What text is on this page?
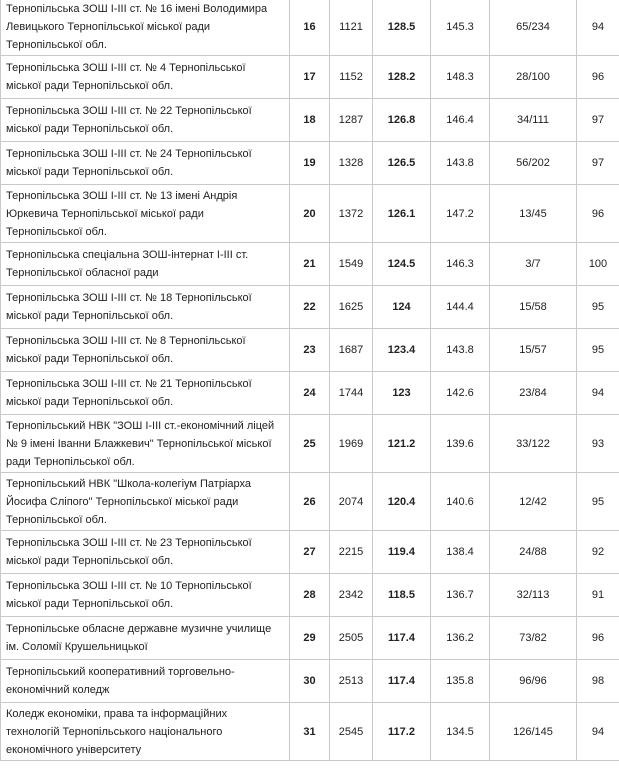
Тернопільська ЗОШ І-ІІІ ст. № 16 імені Володимира Левицького Тернопільської міської ради Тернопільської обл.	16	1121	128.5	145.3	65/234	94
Тернопільська ЗОШ І-ІІІ ст. № 4 Тернопільської міської ради Тернопільської обл.	17	1152	128.2	148.3	28/100	96
Тернопільська ЗОШ І-ІІІ ст. № 22 Тернопільської міської ради Тернопільської обл.	18	1287	126.8	146.4	34/111	97
Тернопільська ЗОШ І-ІІІ ст. № 24 Тернопільської міської ради Тернопільської обл.	19	1328	126.5	143.8	56/202	97
Тернопільська ЗОШ І-ІІІ ст. № 13 імені Андрія Юркевича Тернопільської міської ради Тернопільської обл.	20	1372	126.1	147.2	13/45	96
Тернопільська спеціальна ЗОШ-інтернат І-ІІІ ст. Тернопільської обласної ради	21	1549	124.5	146.3	3/7	100
Тернопільська ЗОШ І-ІІІ ст. № 18 Тернопільської міської ради Тернопільської обл.	22	1625	124	144.4	15/58	95
Тернопільська ЗОШ І-ІІІ ст. № 8 Тернопільської міської ради Тернопільської обл.	23	1687	123.4	143.8	15/57	95
Тернопільська ЗОШ І-ІІІ ст. № 21 Тернопільської міської ради Тернопільської обл.	24	1744	123	142.6	23/84	94
Тернопільський НВК "ЗОШ І-ІІІ ст.-економічний ліцей № 9 імені Іванни Блажкевич" Тернопільської міської ради Тернопільської обл.	25	1969	121.2	139.6	33/122	93
Тернопільський НВК "Школа-колегіум Патріарха Йосифа Сліпого" Тернопільської міської ради Тернопільської обл.	26	2074	120.4	140.6	12/42	95
Тернопільська ЗОШ І-ІІІ ст. № 23 Тернопільської міської ради Тернопільської обл.	27	2215	119.4	138.4	24/88	92
Тернопільська ЗОШ І-ІІІ ст. № 10 Тернопільської міської ради Тернопільської обл.	28	2342	118.5	136.7	32/113	91
Тернопільське обласне державне музичне училище ім. Соломії Крушельницької	29	2505	117.4	136.2	73/82	96
Тернопільський кооперативний торговельно-економічний коледж	30	2513	117.4	135.8	96/96	98
Коледж економіки, права та інформаційних технологій Тернопільського національного економічного університету	31	2545	117.2	134.5	126/145	94
